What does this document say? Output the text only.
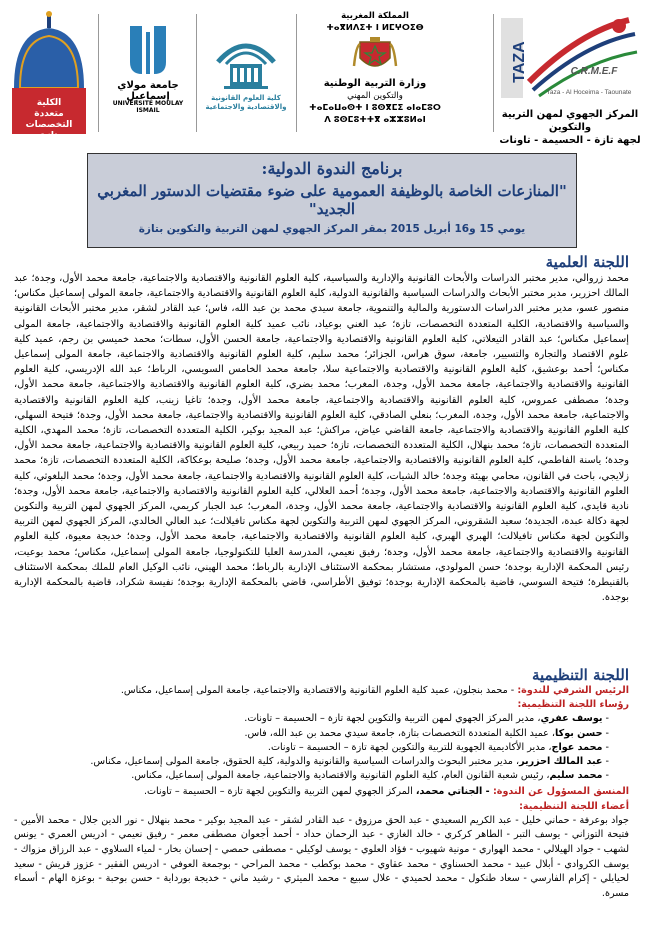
TAZA	C.R.M.E.F
Taza - Al Hoceima - Taounate
المركز الجهوي لمهن التربية والتكوين
لجهة تازة - الحسيمة - تاونات
المملكة المغربية
ⵜⴰⴳⵍⴷⵉⵜ ⵏ ⵍⵎⵖⵔⵉⴱ
وزارة التربية الوطنية
والتكوين المهني
ⵜⴰⵎⴰⵡⴰⵙⵜ ⵏ ⵓⵙⴳⵎⵉ ⴰⵏⴰⵎⵓⵔ
ⴷ ⵓⵙⵎⵓⵜⵜⴳ ⴰⵣⵣⵓⵍⴰⵏ
كلية العلوم القانونية والاقتصادية والاجتماعية
جامعة مولاي إسماعيل
UNIVERSITÉ MOULAY ISMAIL
الكلية
متعددة التخصصات
تازة
برنامج الندوة الدولية:
"المنازعات الخاصة بالوظيفة العمومية على ضوء مقتضيات الدستور المغربي الجديد"
يومي 15 و16 أبريل 2015 بمقر المركز الجهوي لمهن التربية والتكوين بتازة
اللجنة العلمية
محمد زروالي، مدير مختبر الدراسات والأبحاث القانونية والإدارية والسياسية، كلية العلوم القانونية والاقتصادية والاجتماعية، جامعة محمد الأول، وجدة؛ عبد المالك احزرير، مدير مختبر الأبحاث والدراسات السياسية والقانونية الدولية، كلية العلوم القانونية والاقتصادية والاجتماعية، جامعة المولى إسماعيل مكناس؛ منصور عسو، مدير مختبر الدراسات الدستورية والمالية والتنموية، جامعة سيدي محمد بن عبد الله، فاس؛ عبد القادر لشقر، مدير مختبر الأبحاث القانونية والسياسية والاقتصادية، الكلية المتعددة التخصصات، تازة؛ عبد الغني بوعياد، نائب عميد كلية العلوم القانونية والاقتصادية والاجتماعية، جامعة المولى إسماعيل مكناس؛ عبد القادر التيعلاتي، كلية العلوم القانونية والاقتصادية والاجتماعية، جامعة الحسن الأول، سطات؛ محمد خميسي بن رجم، عميد كلية علوم الاقتصاد والتجارة والتسيير، جامعة، سوق هراس، الجزائر؛ محمد سليم، كلية العلوم القانونية والاقتصادية والاجتماعية، جامعة المولى إسماعيل مكناس؛ أحمد بوعشيق، كلية العلوم القانونية والاقتصادية والاجتماعية سلا، جامعة محمد الخامس السويسي، الرباط؛ عبد الله الإدريسي، كلية العلوم القانونية والاقتصادية والاجتماعية، جامعة محمد الأول، وجدة، المغرب؛ محمد بضري، كلية العلوم القانونية والاقتصادية والاجتماعية، جامعة محمد الأول، وجدة؛ مصطفى عمروس، كلية العلوم القانونية والاقتصادية والاجتماعية، جامعة محمد الأول، وجدة؛ تاغيا زينب، كلية العلوم القانونية والاقتصادية والاجتماعية، جامعة محمد الأول، وجدة، المغرب؛ بنعلي الصادقي، كلية العلوم القانونية والاقتصادية والاجتماعية، جامعة محمد الأول، وجدة؛ فتيحة السهلي، كلية العلوم القانونية والاقتصادية والاجتماعية، جامعة القاضي عياض، مراكش؛ عبد المجيد بوكير، الكلية المتعددة التخصصات، تازة؛ محمد المهدي، الكلية المتعددة التخصصات، تازة؛ محمد بنهلال، الكلية المتعددة التخصصات، تازة؛ حميد ربيعي، كلية العلوم القانونية والاقتصادية والاجتماعية، جامعة محمد الأول، وجدة؛ ياسنة الفاطمي، كلية العلوم القانونية والاقتصادية والاجتماعية، جامعة محمد الأول، وجدة؛ صليحة بوعكاكة، الكلية المتعددة التخصصات، تازة؛ محمد زلايجي، باحث في القانون، محامي بهيئة وجدة؛ خالد الشيات، كلية العلوم القانونية والاقتصادية والاجتماعية، جامعة محمد الأول، وجدة؛ محمد البلغوثي، كلية العلوم القانونية والاقتصادية والاجتماعية، جامعة محمد الأول، وجدة؛ أحمد العلالي، كلية العلوم القانونية والاقتصادية والاجتماعية، جامعة محمد الأول، وجدة؛ نادية قايدي، كلية العلوم القانونية والاقتصادية والاجتماعية، جامعة محمد الأول، وجدة، المغرب؛ عبد الجبار كريمي، المركز الجهوي لمهن التربية والتكوين لجهة دكالة عبدة، الجديدة؛ سعيد الشقروني، المركز الجهوي لمهن التربية والتكوين لجهة مكناس تافيلالت؛ عبد العالي الخالدي، المركز الجهوي لمهن التربية والتكوين لجهة مكناس تافيلالت؛ الهبري الهبري، كلية العلوم القانونية والاقتصادية والاجتماعية، جامعة محمد الأول، وجدة؛ خديجة معيوة، كلية العلوم القانونية والاقتصادية والاجتماعية، جامعة محمد الأول، وجدة؛ رفيق نعيمي، المدرسة العليا للتكنولوجيا، جامعة المولى إسماعيل، مكناس؛ محمد بوعيت، رئيس المحكمة الإدارية بوجدة؛ حسن المولودي، مستشار بمحكمة الاستئناف الإدارية بالرباط؛ محمد الهيني، نائب الوكيل العام للملك بمحكمة الاستئناف بالقنيطرة؛ فتيحة السوسي، قاضية بالمحكمة الإدارية بوجدة؛ توفيق الأطراسي، قاضي بالمحكمة الإدارية بوجدة؛ نفيسة شكراد، قاضية بالمحكمة الإدارية بوجدة.
اللجنة التنظيمية
الرئيس الشرفي للندوة: - محمد بنجلون، عميد كلية العلوم القانونية والاقتصادية والاجتماعية، جامعة المولى إسماعيل، مكناس.
رؤساء اللجنة التنظيمية:
- يوسف عفري، مدير المركز الجهوي لمهن التربية والتكوين لجهة تازة – الحسيمة – تاونات.
- حسن بوكا، عميد الكلية المتعددة التخصصات بتازة، جامعة سيدي محمد بن عبد الله، فاس.
- محمد عواج، مدير الأكاديمية الجهوية للتربية والتكوين لجهة تازة – الحسيمة – تاونات.
- عبد المالك احزرير، مدير مختبر البحوث والدراسات السياسية والقانونية والدولية، كلية الحقوق، جامعة المولى إسماعيل، مكناس.
- محمد سليم، رئيس شعبة القانون العام، كلية العلوم القانونية والاقتصادية والاجتماعية، جامعة المولى إسماعيل، مكناس.
المنسق المسؤول عن الندوة: - الجناتي محمد، المركز الجهوي لمهن التربية والتكوين لجهة تازة – الحسيمة – تاونات.
أعضاء اللجنة التنظيمية:
جواد بوعرفة - حماني خليل - عبد الكريم السعيدي - عبد الحق مرزوق - عبد القادر لشقر - عبد المجيد بوكير - محمد بنهلال - نور الدين جلال - محمد الأمين - فتيحة التوزاني - يوسف التبر - الطاهر كركري - خالد الغازي - عبد الرحمان حداد - أحمد أجعوان مصطفى معمر - رفيق نعيمي - ادريس العمري - يونس لشهب - جواد الهيلالي - محمد الهواري - مونية شهيوب - فؤاد العلوي - يوسف لوكيلي - مصطفى حمصي - إحسان بخار - لمياء السلاوي - عبد الرزاق مزواك - يوسف الكروادي - أبلال عبيد - محمد الحسناوي - محمد عقاوي - محمد بوكطب - محمد المراحي - بوجمعة العوفي - ادريس الفقير - عزوز قريش - سعيد لحيايلي - إكرام الفارسي - سعاد طنكول - محمد لحميدي - علال سبيع - محمد الميثري - رشيد ماني - خديجة بورداية - حسن بوحبة - بوعزة الهام - أسماء مسرة.
